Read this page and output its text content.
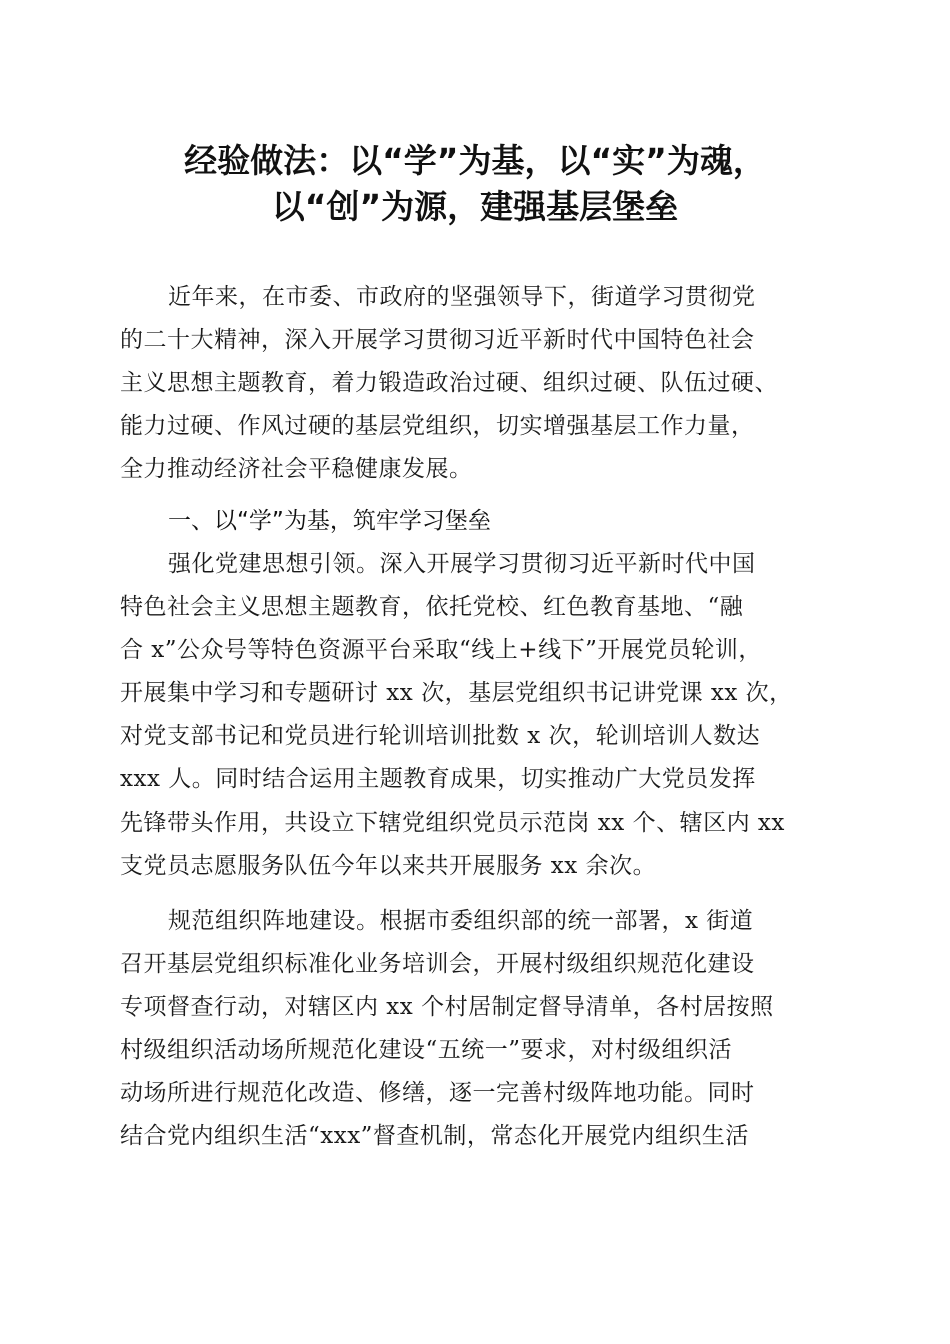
经验做法：以“学”为基，以“实”为魂，
以“创”为源，建强基层堡垒
近年来，在市委、市政府的坚强领导下，街道学习贯彻党
的二十大精神，深入开展学习贯彻习近平新时代中国特色社会
主义思想主题教育，着力锻造政治过硬、组织过硬、队伍过硬、
能力过硬、作风过硬的基层党组织，切实增强基层工作力量，
全力推动经济社会平稳健康发展。
一、以“学”为基，筑牢学习堡垒
强化党建思想引领。深入开展学习贯彻习近平新时代中国
特色社会主义思想主题教育，依托党校、红色教育基地、“融
合 x”公众号等特色资源平台采取“线上+线下”开展党员轮训，
开展集中学习和专题研讨 xx 次，基层党组织书记讲党课 xx 次，
对党支部书记和党员进行轮训培训批数 x 次，轮训培训人数达
xxx 人。同时结合运用主题教育成果，切实推动广大党员发挥
先锋带头作用，共设立下辖党组织党员示范岗 xx 个、辖区内 xx
支党员志愿服务队伍今年以来共开展服务 xx 余次。
规范组织阵地建设。根据市委组织部的统一部署，x 街道
召开基层党组织标准化业务培训会，开展村级组织规范化建设
专项督查行动，对辖区内 xx 个村居制定督导清单，各村居按照
村级组织活动场所规范化建设“五统一”要求，对村级组织活
动场所进行规范化改造、修缮，逐一完善村级阵地功能。同时
结合党内组织生活“xxx”督查机制，常态化开展党内组织生活
